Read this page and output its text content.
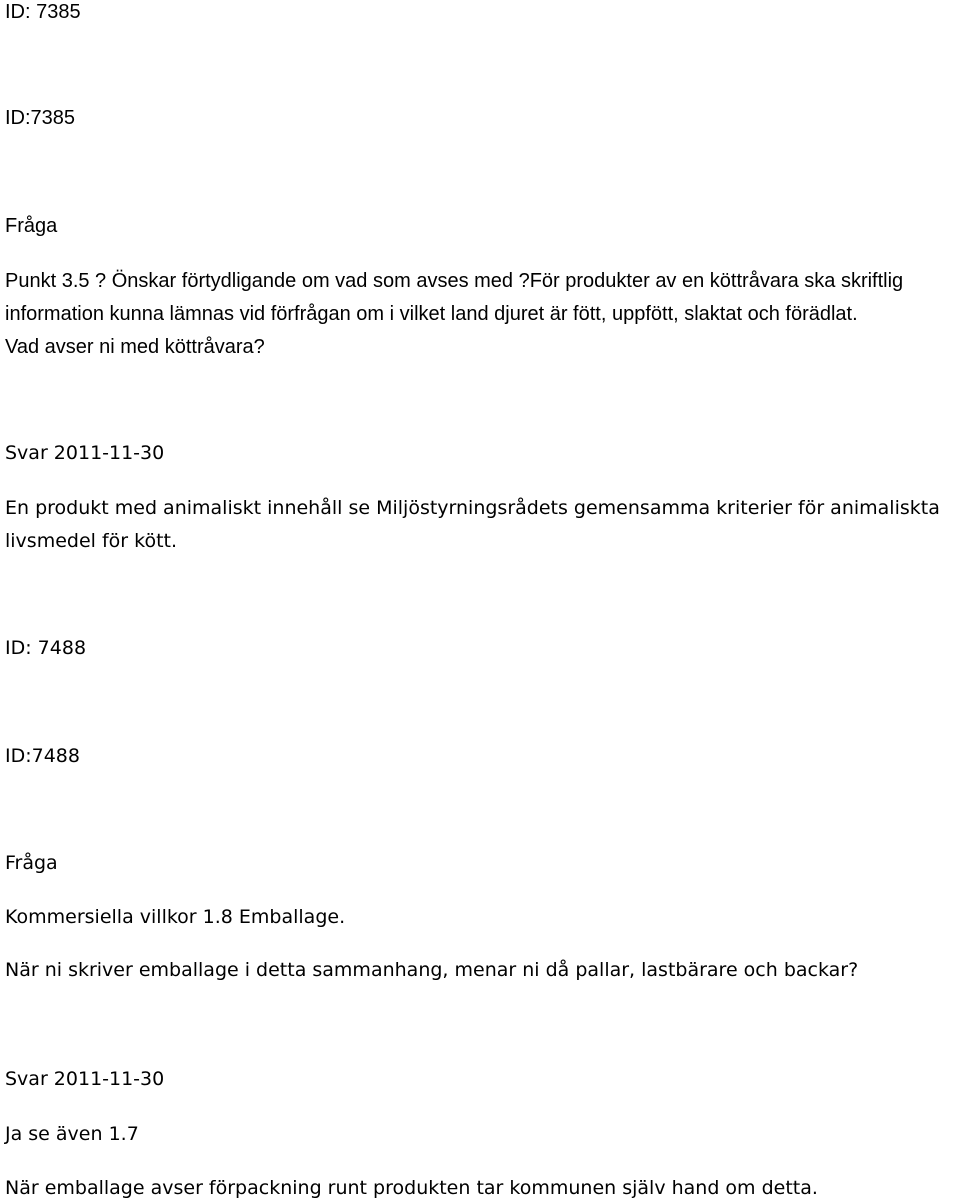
ID: 7385
ID:7385
Fråga
Punkt 3.5 ? Önskar förtydligande om vad som avses med ?För produkter av en köttråvara ska skriftlig
information kunna lämnas vid förfrågan om i vilket land djuret är fött, uppfött, slaktat och förädlat.
Vad avser ni med köttråvara?
Svar 2011-11-30
En produkt med animaliskt innehåll se Miljöstyrningsrådets gemensamma kriterier för animaliskta
livsmedel för kött.
ID: 7488
ID:7488
Fråga
Kommersiella villkor 1.8 Emballage.
När ni skriver emballage i detta sammanhang, menar ni då pallar, lastbärare och backar?
Svar 2011-11-30
Ja se även 1.7
När emballage avser förpackning runt produkten tar kommunen själv hand om detta.
